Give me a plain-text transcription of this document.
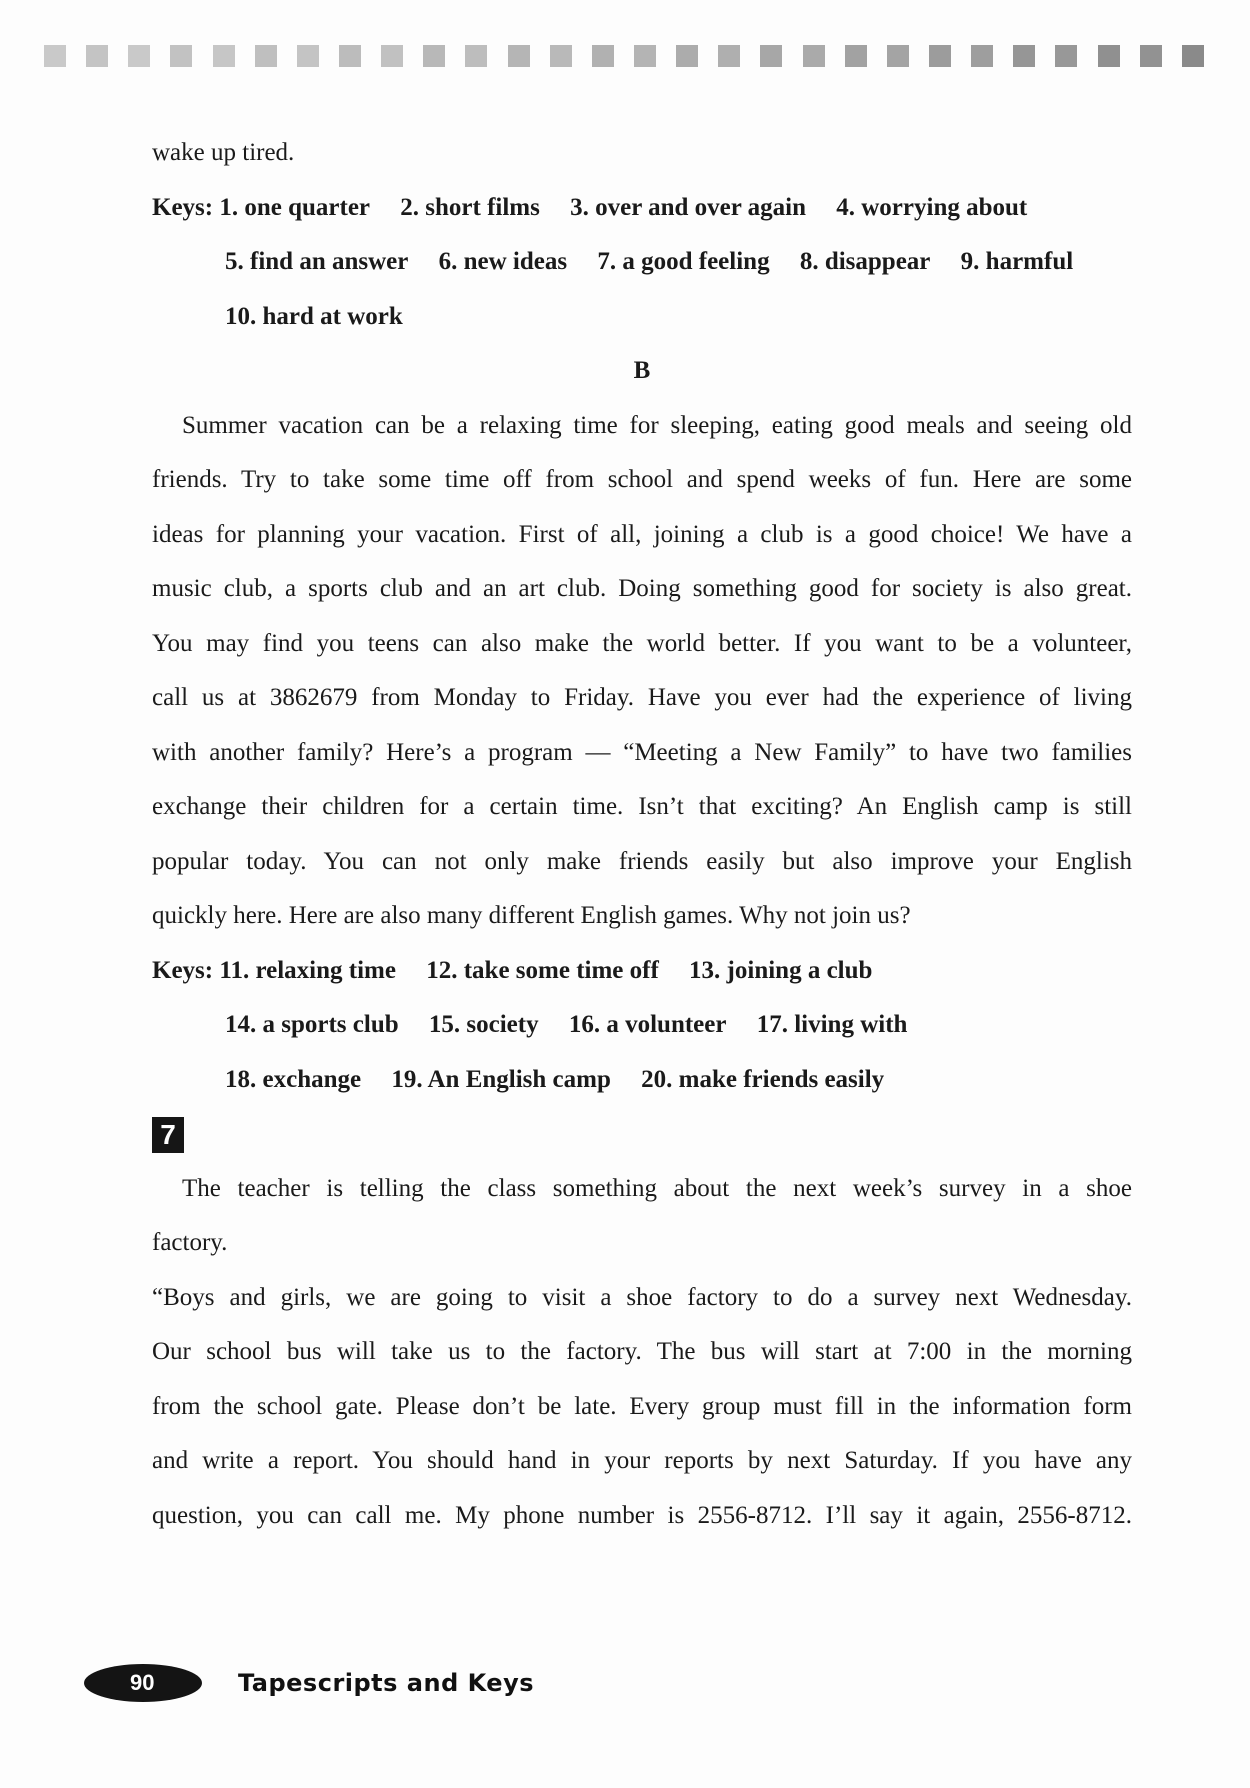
wake up tired.

Keys: 1. one quarter 2. short films 3. over and over again 4. worrying about

5. find an answer 6. new ideas 7. a good feeling 8. disappear 9. harmful

10. hard at work

B

Summer vacation can be a relaxing time for sleeping, eating good meals and seeing old

friends. Try to take some time off from school and spend weeks of fun. Here are some

ideas for planning your vacation. First of all, joining a club is a good choice! We have a

music club, a sports club and an art club. Doing something good for society is also great.

You may find you teens can also make the world better. If you want to be a volunteer,

call us at 3862679 from Monday to Friday. Have you ever had the experience of living

with another family? Here’s a program — “Meeting a New Family” to have two families

exchange their children for a certain time. Isn’t that exciting? An English camp is still

popular today. You can not only make friends easily but also improve your English

quickly here. Here are also many different English games. Why not join us?

Keys: 11. relaxing time 12. take some time off 13. joining a club

14. a sports club 15. society 16. a volunteer 17. living with

18. exchange 19. An English camp 20. make friends easily

7

The teacher is telling the class something about the next week’s survey in a shoe

factory.

“Boys and girls, we are going to visit a shoe factory to do a survey next Wednesday.

Our school bus will take us to the factory. The bus will start at 7:00 in the morning

from the school gate. Please don’t be late. Every group must fill in the information form

and write a report. You should hand in your reports by next Saturday. If you have any

question, you can call me. My phone number is 2556-8712. I’ll say it again, 2556-8712.

90	Tapescripts and Keys
